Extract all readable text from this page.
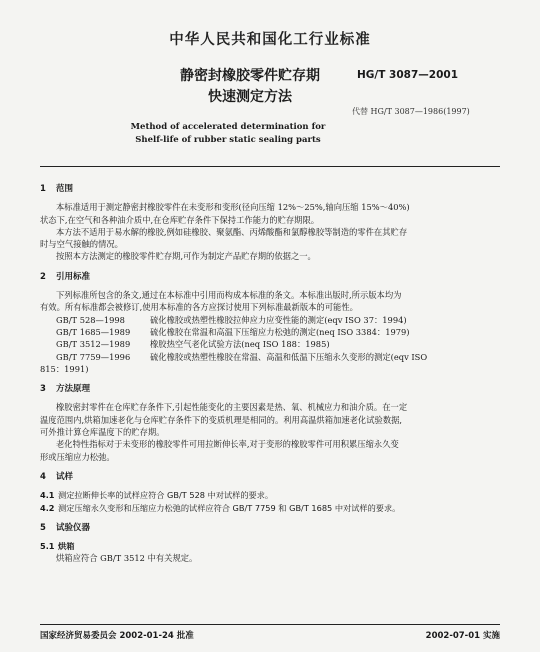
中华人民共和国化工行业标准
静密封橡胶零件贮存期
快速测定方法
HG/T 3087—2001
代替 HG/T 3087—1986(1997)
Method of accelerated determination for
Shelf-life of rubber static sealing parts
1 范围

本标准适用于测定静密封橡胶零件在未变形和变形(径向压缩 12%～25%,轴向压缩 15%～40%)

状态下,在空气和各种油介质中,在仓库贮存条件下保持工作能力的贮存期限。

本方法不适用于易水解的橡胶,例如硅橡胶、聚氨酯、丙烯酸酯和氯醇橡胶等制造的零件在其贮存

时与空气接触的情况。

按照本方法测定的橡胶零件贮存期,可作为制定产品贮存期的依据之一。

2 引用标准

下列标准所包含的条文,通过在本标准中引用而构成本标准的条文。本标准出版时,所示版本均为

有效。所有标准都会被修订,使用本标准的各方应探讨使用下列标准最新版本的可能性。

GB/T 528—1998	硫化橡胶或热塑性橡胶拉伸应力应变性能的测定(eqv ISO 37：1994)
GB/T 1685—1989 硫化橡胶在常温和高温下压缩应力松弛的测定(neq ISO 3384：1979)
GB/T 3512—1989 橡胶热空气老化试验方法(neq ISO 188：1985)
GB/T 7759—1996 硫化橡胶或热塑性橡胶在常温、高温和低温下压缩永久变形的测定(eqv ISO
815：1991)
3 方法原理

橡胶密封零件在仓库贮存条件下,引起性能变化的主要因素是热、氧、机械应力和油介质。在一定

温度范围内,烘箱加速老化与仓库贮存条件下的变质机理是相同的。利用高温烘箱加速老化试验数据,

可外推计算仓库温度下的贮存期。

老化特性指标对于未变形的橡胶零件可用拉断伸长率,对于变形的橡胶零件可用积累压缩永久变

形或压缩应力松弛。

4 试样
4.1 测定拉断伸长率的试样应符合 GB/T 528 中对试样的要求。
4.2 测定压缩永久变形和压缩应力松弛的试样应符合 GB/T 7759 和 GB/T 1685 中对试样的要求。
5 试验仪器
5.1 烘箱

烘箱应符合 GB/T 3512 中有关规定。

国家经济贸易委员会 2002-01-24 批准	2002-07-01 实施
